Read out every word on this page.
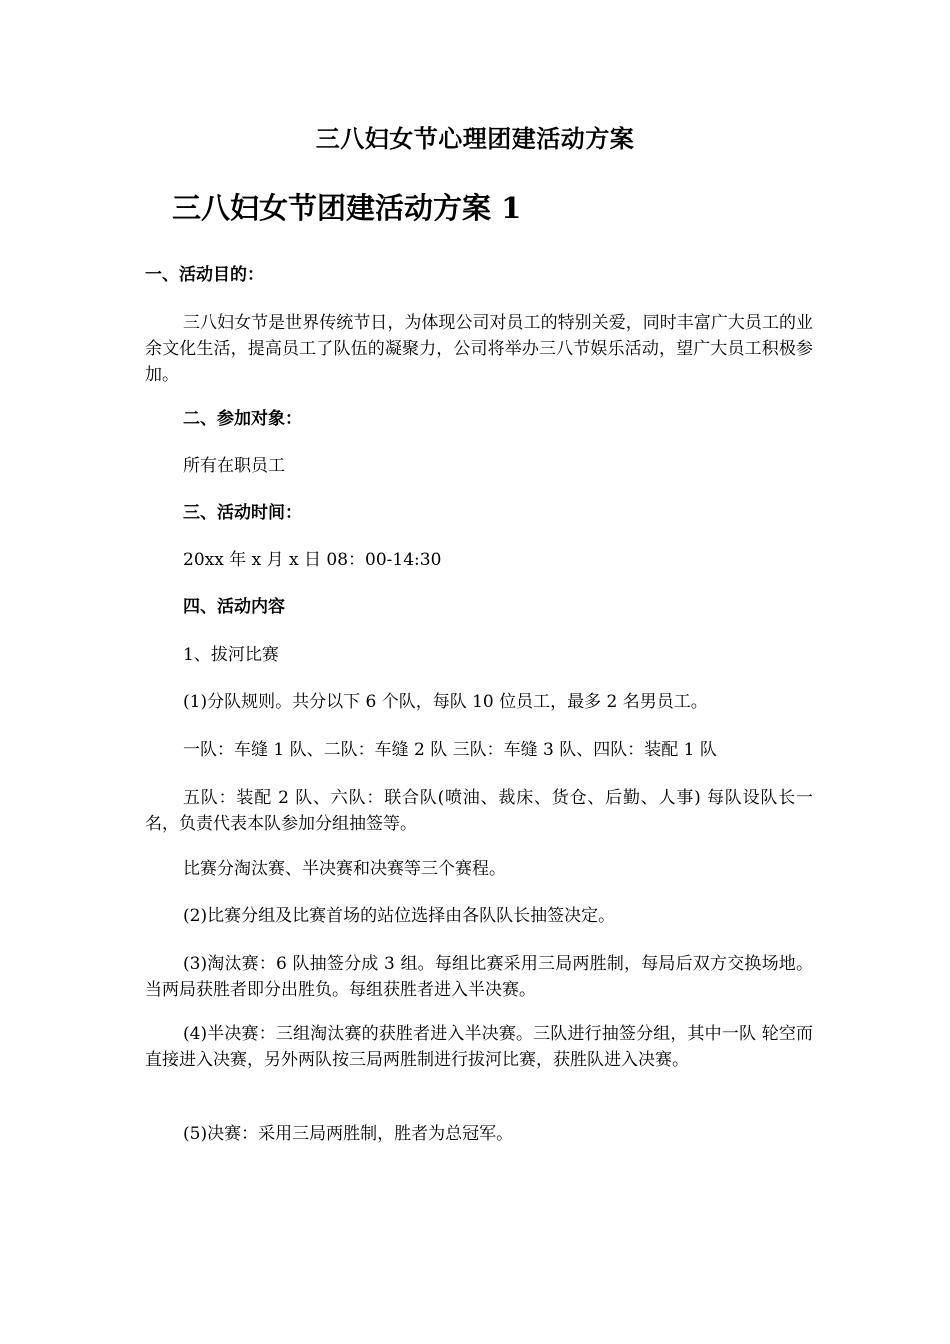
三八妇女节心理团建活动方案
三八妇女节团建活动方案 1
一、活动目的：
三八妇女节是世界传统节日，为体现公司对员工的特别关爱，同时丰富广大员工的业余文化生活，提高员工了队伍的凝聚力，公司将举办三八节娱乐活动，望广大员工积极参加。
二、参加对象：
所有在职员工
三、活动时间：
20xx 年 x 月 x 日 08：00-14:30
四、活动内容
1、拔河比赛
(1)分队规则。共分以下 6 个队，每队 10 位员工，最多 2 名男员工。
一队：车缝 1 队、二队：车缝 2 队 三队：车缝 3 队、四队：装配 1 队
五队：装配 2 队、六队：联合队(喷油、裁床、货仓、后勤、人事) 每队设队长一名，负责代表本队参加分组抽签等。
比赛分淘汰赛、半决赛和决赛等三个赛程。
(2)比赛分组及比赛首场的站位选择由各队队长抽签决定。
(3)淘汰赛：6 队抽签分成 3 组。每组比赛采用三局两胜制，每局后双方交换场地。当两局获胜者即分出胜负。每组获胜者进入半决赛。
(4)半决赛：三组淘汰赛的获胜者进入半决赛。三队进行抽签分组，其中一队 轮空而直接进入决赛，另外两队按三局两胜制进行拔河比赛，获胜队进入决赛。
(5)决赛：采用三局两胜制，胜者为总冠军。
